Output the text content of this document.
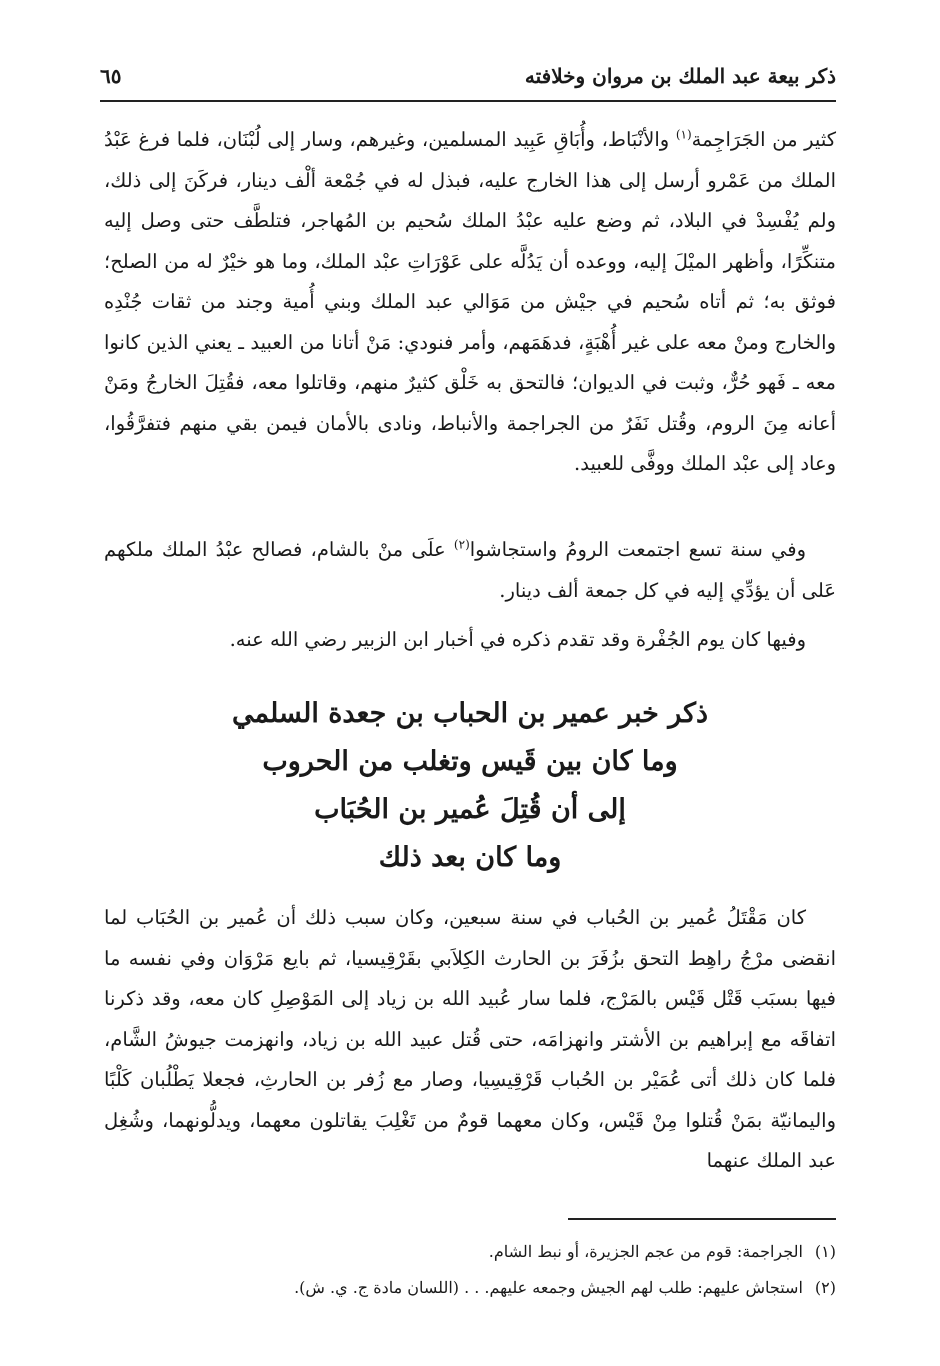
ذكر بيعة عبد الملك بن مروان وخلافته
٦٥

كثير من الجَرَاجِمة$^{(١)}$ والأنْبَاط، وأُبَاقِ عَبِيد المسلمين، وغيرهم، وسار إلى لُبْنَان، فلما فرغ عَبْدُ الملك من عَمْرو أرسل إلى هذا الخارج عليه، فبذل له في جُمْعة ألْف دينار، فركَنَ إلى ذلك، ولم يُفْسِدْ في البلاد، ثم وضع عليه عبْدُ الملك سُحيم بن المُهاجر، فتلطَّف حتى وصل إليه متنكِّرًا، وأظهر الميْلَ إليه، ووعده أن يَدُلَّه على عَوْرَاتِ عبْد الملك، وما هو خيْرٌ له من الصلح؛ فوثق به؛ ثم أتاه سُحيم في جيْش من مَوَالي عبد الملك وبني أُمية وجند من ثقات جُنْدِه والخارج ومنْ معه على غير أُهْبَةٍ، فدهَمَهم، وأمر فنودي: مَنْ أتانا من العبيد ـ يعني الذين كانوا معه ـ فَهو حُرٌّ، وثبت في الديوان؛ فالتحق به خَلْق كثيرٌ منهم، وقاتلوا معه، فقُتِلَ الخارجُ ومَنْ أعانه مِنَ الروم، وقُتل نَفَرٌ من الجراجمة والأنباط، ونادى بالأمان فيمن بقي منهم فتفرَّقُوا، وعاد إلى عبْد الملك ووفَّى للعبيد.

وفي سنة تسع اجتمعت الرومُ واستجاشوا$^{(٢)}$ علَى منْ بالشام، فصالح عبْدُ الملك ملكهم عَلى أن يؤدِّي إليه في كل جمعة ألف دينار.

وفيها كان يوم الجُفْرة وقد تقدم ذكره في أخبار ابن الزبير رضي الله عنه.

ذكر خبر عمير بن الحباب بن جعدة السلمي
وما كان بين قَيس وتغلب من الحروب
إلى أن قُتِلَ عُمير بن الحُبَاب
وما كان بعد ذلك

كان مَقْتَلُ عُمير بن الحُباب في سنة سبعين، وكان سبب ذلك أن عُمير بن الحُبَاب لما انقضى مرْجُ راهِط التحق بزُفَرَ بن الحارث الكِلاَبي بقَرْقِيسيا، ثم بايع مَرْوَان وفي نفسه ما فيها بسبَب قَتْل قَيْس بالمَرْج، فلما سار عُبيد الله بن زياد إلى المَوْصِلِ كان معه، وقد ذكرنا اتفاقَه مع إبراهيم بن الأشتر وانهزامَه، حتى قُتل عبيد الله بن زياد، وانهزمت جيوشُ الشَّام، فلما كان ذلك أتى عُمَيْر بن الحُباب قَرْقِيسِيا، وصار مع زُفر بن الحارثِ، فجعلا يَطْلُبان كَلْبًا واليمانيّة بمَنْ قُتلوا مِنْ قَيْس، وكان معهما قومٌ من تَغْلِبَ يقاتلون معهما، ويدلُّونهما، وشُغِل عبد الملك عنهما

(١)الجراجمة: قوم من عجم الجزيرة، أو نبط الشام.

(٢)استجاش عليهم: طلب لهم الجيش وجمعه عليهم. . . (اللسان مادة ج. ي. ش).
